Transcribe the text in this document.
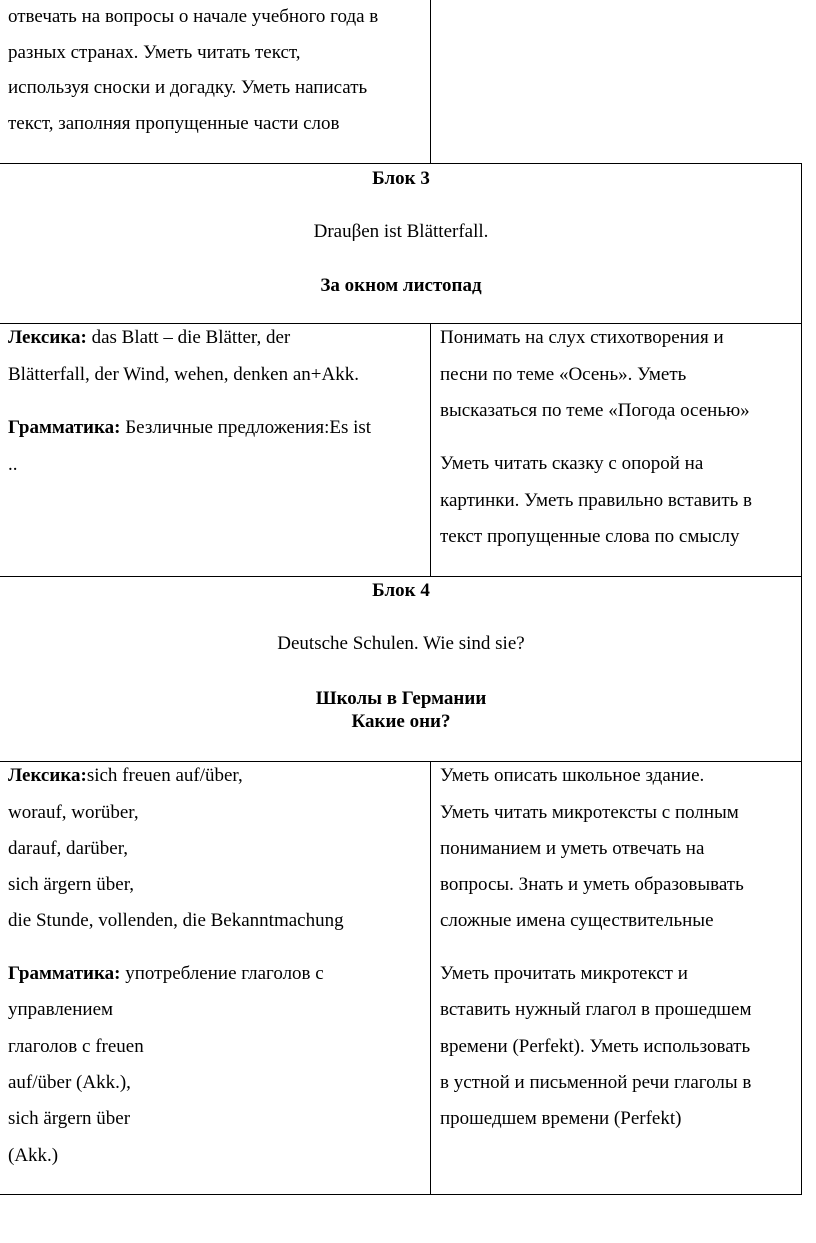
отвечать на вопросы о начале учебного года в
разных странах. Уметь читать текст,
используя сноски и догадку. Уметь написать
текст, заполняя пропущенные части слов
Блок 3
Drauβen ist Blätterfall.
За окном листопад
Лексика: das Blatt – die Blätter, der
Blätterfall, der Wind, wehen, denken an+Akk.
Грамматика: Безличные предложения:Es ist
..
Понимать на слух стихотворения и
песни по теме «Осень». Уметь
высказаться по теме «Погода осенью»
Уметь читать сказку с опорой на
картинки. Уметь правильно вставить в
текст пропущенные слова по смыслу
Блок 4
Deutsche Schulen. Wie sind sie?
Школы в Германии
Какие они?
Лексика:sich freuen auf/über,
worauf, worüber,
darauf, darüber,
sich ärgern über,
die Stunde, vollenden, die Bekanntmachung
Грамматика: употребление глаголов с
управлением
глаголов с freuen
auf/über (Akk.),
sich ärgern über
(Akk.)
Уметь описать школьное здание.
Уметь читать микротексты с полным
пониманием и уметь отвечать на
вопросы. Знать и уметь образовывать
сложные имена существительные
Уметь прочитать микротекст и
вставить нужный глагол в прошедшем
времени (Perfekt). Уметь использовать
в устной и письменной речи глаголы в
прошедшем времени (Perfekt)
